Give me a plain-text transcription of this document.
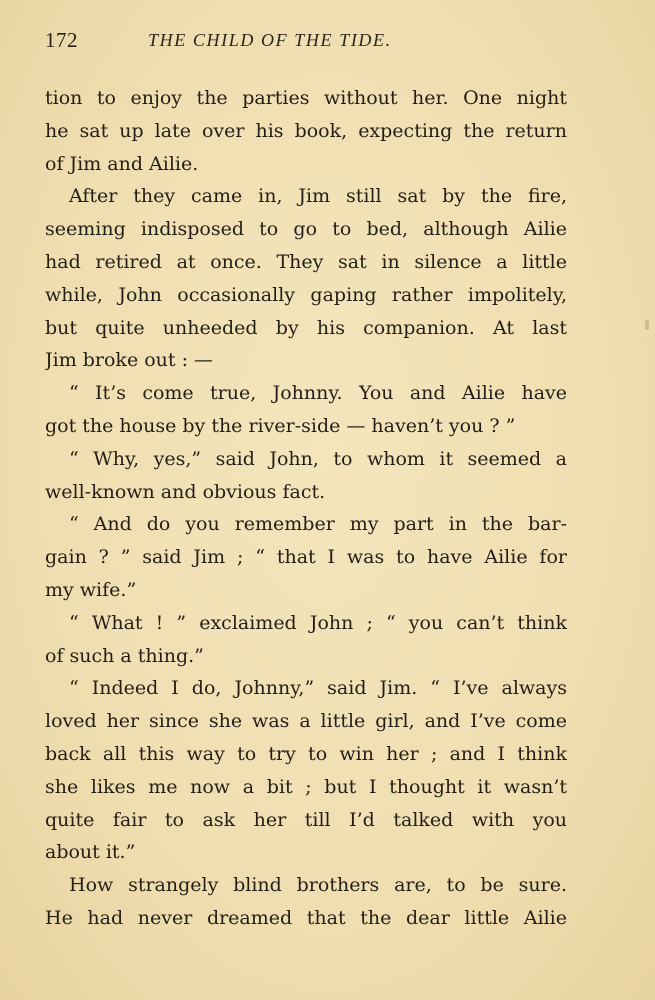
172	THE CHILD OF THE TIDE.
tion to enjoy the parties without her. One night
he sat up late over his book, expecting the return
of Jim and Ailie.
After they came in, Jim still sat by the fire,
seeming indisposed to go to bed, although Ailie
had retired at once. They sat in silence a little
while, John occasionally gaping rather impolitely,
but quite unheeded by his companion. At last
Jim broke out : —
“ It’s come true, Johnny. You and Ailie have
got the house by the river-side — haven’t you ? ”
“ Why, yes,” said John, to whom it seemed a
well-known and obvious fact.
“ And do you remember my part in the bar-
gain ? ” said Jim ; “ that I was to have Ailie for
my wife.”
“ What ! ” exclaimed John ; “ you can’t think
of such a thing.”
“ Indeed I do, Johnny,” said Jim. “ I’ve always
loved her since she was a little girl, and I’ve come
back all this way to try to win her ; and I think
she likes me now a bit ; but I thought it wasn’t
quite fair to ask her till I’d talked with you
about it.”
How strangely blind brothers are, to be sure.
He had never dreamed that the dear little Ailie
